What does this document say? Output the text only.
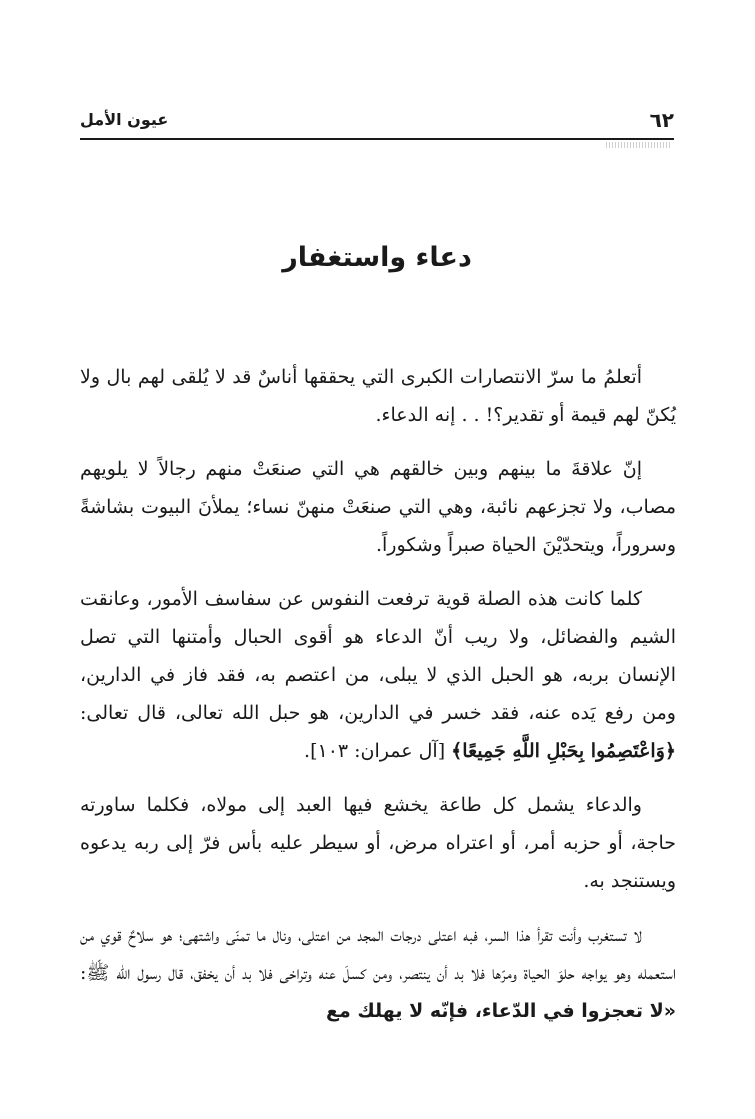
٦٢
عيون الأمل
دعاء واستغفار

أتعلمُ ما سرّ الانتصارات الكبرى التي يحققها أناسٌ قد لا يُلقى لهم بال ولا يُكنّ لهم قيمة أو تقدير؟! . . إنه الدعاء.

إنّ علاقةَ ما بينهم وبين خالقهم هي التي صنعَتْ منهم رجالاً لا يلويهم مصاب، ولا تجزعهم نائبة، وهي التي صنعَتْ منهنّ نساء؛ يملأنَ البيوت بشاشةً وسروراً، ويتحدّيْنَ الحياة صبراً وشكوراً.

كلما كانت هذه الصلة قوية ترفعت النفوس عن سفاسف الأمور، وعانقت الشيم والفضائل، ولا ريب أنّ الدعاء هو أقوى الحبال وأمتنها التي تصل الإنسان بربه، هو الحبل الذي لا يبلى، من اعتصم به، فقد فاز في الدارين، ومن رفع يَده عنه، فقد خسر في الدارين، هو حبل الله تعالى، قال تعالى: ﴿وَاعْتَصِمُوا بِحَبْلِ اللَّهِ جَمِيعًا﴾ [آل عمران: ١٠٣].

والدعاء يشمل كل طاعة يخشع فيها العبد إلى مولاه، فكلما ساورته حاجة، أو حزبه أمر، أو اعتراه مرض، أو سيطر عليه بأس فرّ إلى ربه يدعوه ويستنجد به.

لا تستغرب وأنت تقرأ هذا السر، فبه اعتلى درجات المجد من اعتلى، ونال ما تمنّى واشتهى؛ هو سلاحٌ قوي من استعمله وهو يواجه حلوَ الحياة ومرّها فلا بد أن ينتصر، ومن كسلَ عنه وتراخى فلا بد أن يخفق، قال رسول الله ﷺ: «لا تعجزوا في الدّعاء، فإنّه لا يهلك مع
